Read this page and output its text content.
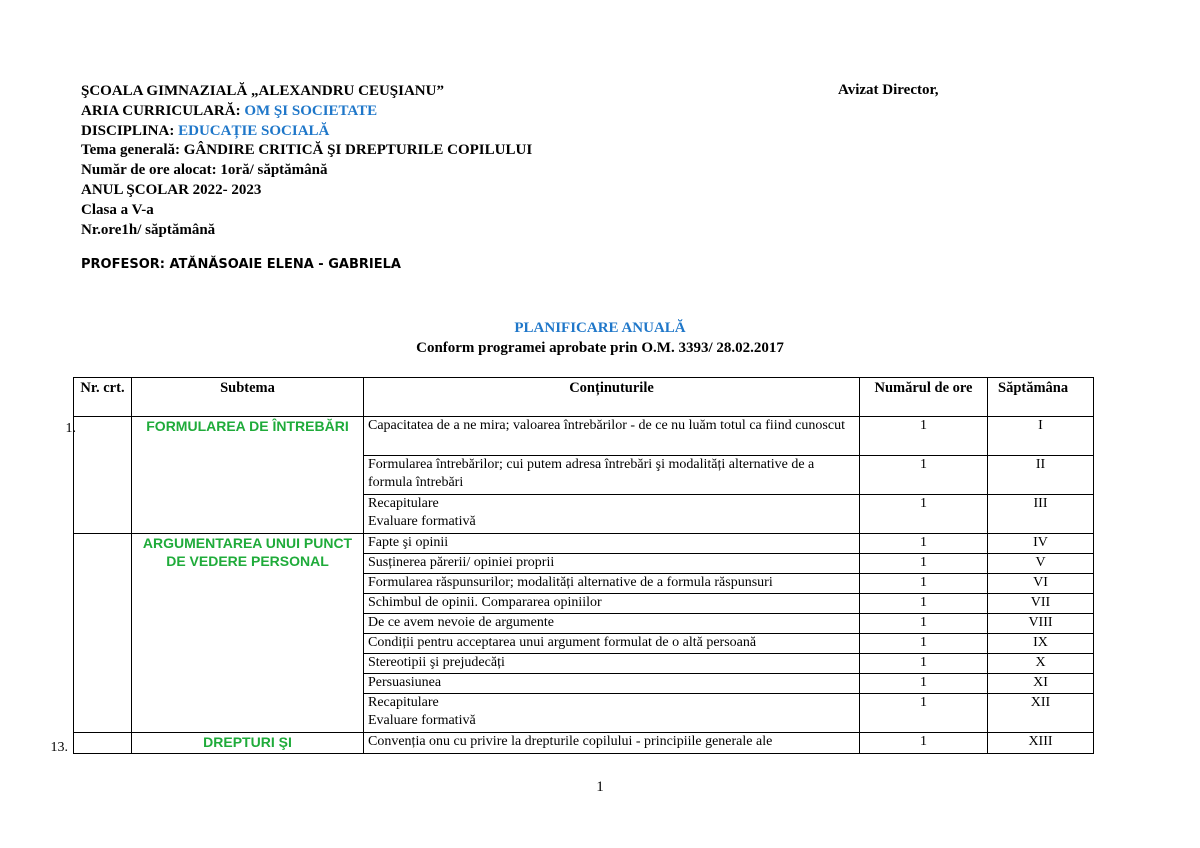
ŞCOALA GIMNAZIALĂ „ALEXANDRU CEUŞIANU”
ARIA CURRICULARĂ: OM ŞI SOCIETATE
DISCIPLINA: EDUCAȚIE SOCIALĂ
Tema generală: GÂNDIRE CRITICĂ ŞI DREPTURILE COPILULUI
Număr de ore alocat: 1oră/ săptămână
ANUL ŞCOLAR 2022- 2023
Clasa a V-a
Nr.ore1h/ săptămână
Avizat Director,
PROFESOR: ATĂNĂSOAIE ELENA - GABRIELA
PLANIFICARE ANUALĂ
Conform programei aprobate prin O.M. 3393/ 28.02.2017
Nr. crt.	Subtema	Conținuturile	Numărul de ore	Săptămâna
	FORMULAREA DE ÎNTREBĂRI	Capacitatea de a ne mira; valoarea întrebărilor - de ce nu luăm totul ca fiind cunoscut	1	I
		Formularea întrebărilor; cui putem adresa întrebări şi modalități alternative de a formula întrebări	1	II
		Recapitulare
Evaluare formativă	1	III
	ARGUMENTAREA UNUI PUNCT DE VEDERE PERSONAL	Fapte şi opinii	1	IV
		Susținerea părerii/ opiniei proprii	1	V
		Formularea răspunsurilor; modalități alternative de a formula răspunsuri	1	VI
		Schimbul de opinii. Compararea opiniilor	1	VII
		De ce avem nevoie de argumente	1	VIII
		Condiții pentru acceptarea unui argument formulat de o altă persoană	1	IX
		Stereotipii şi prejudecăți	1	X
		Persuasiunea	1	XI
		Recapitulare
Evaluare formativă	1	XII
	DREPTURI ŞI	Convenția onu cu privire la drepturile copilului - principiile generale ale	1	XIII
1
1.
13.
